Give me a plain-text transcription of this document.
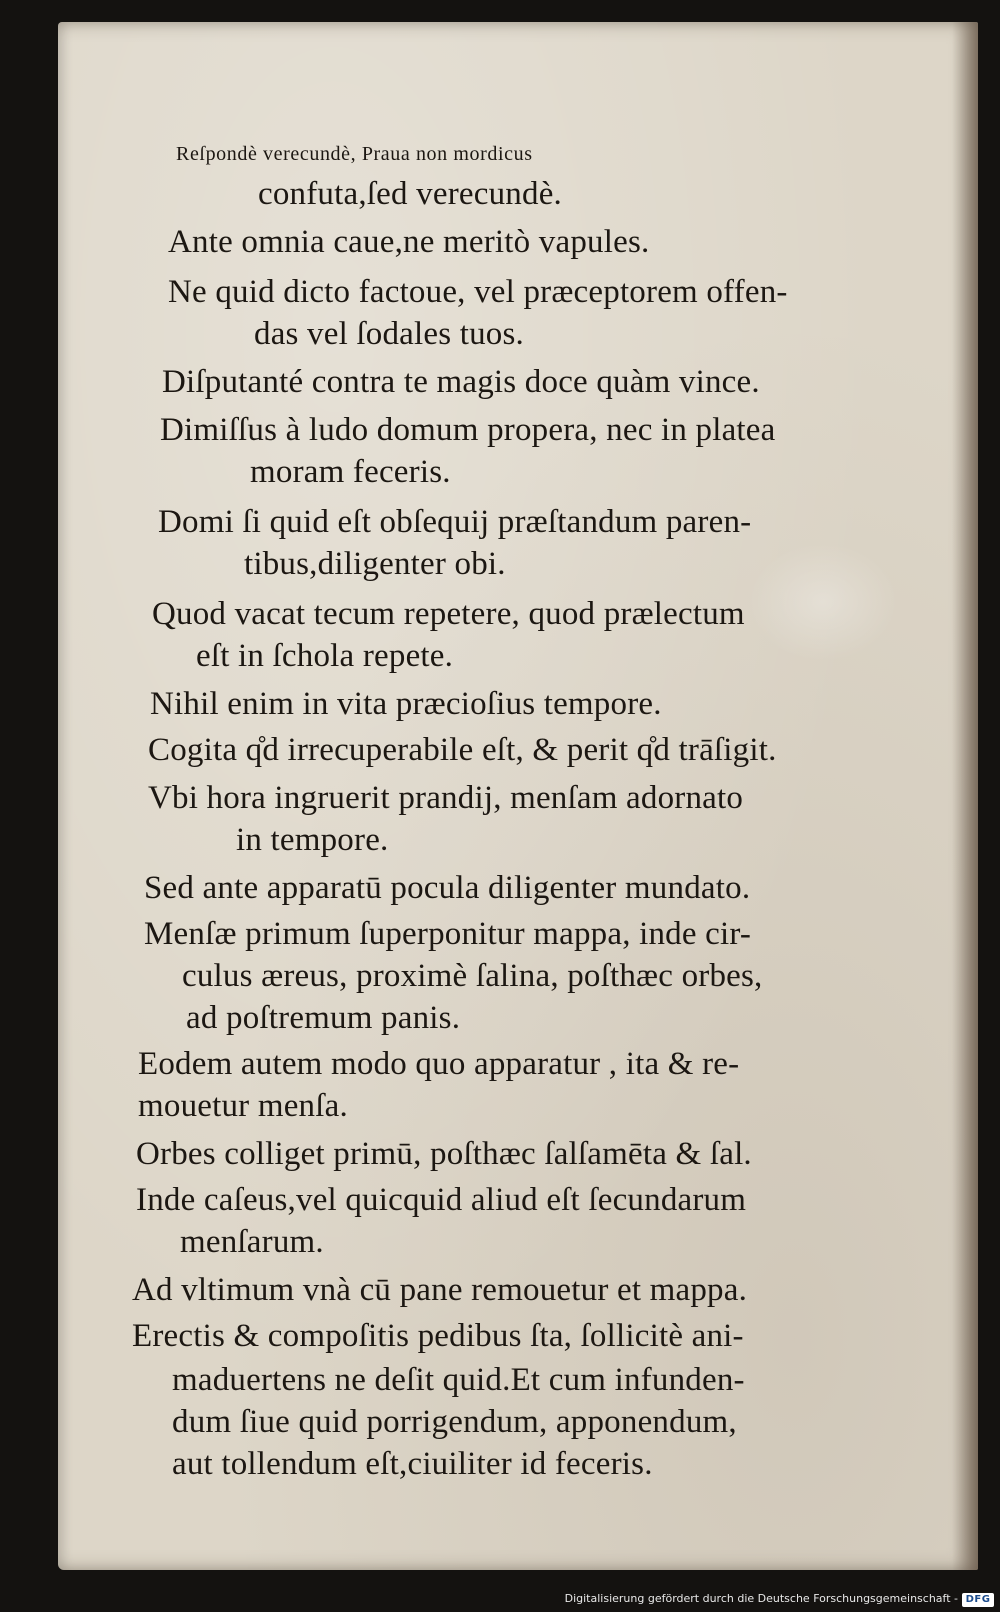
Reſpondè verecundè, Praua non mordicus

confuta,ſed verecundè.

Ante omnia caue,ne meritò vapules.

Ne quid dicto factoue, vel præceptorem offen-

das vel ſodales tuos.

Diſputanté contra te magis doce quàm vince.

Dimiſſus à ludo domum propera, nec in platea

moram feceris.

Domi ſi quid eſt obſequij præſtandum paren-

tibus,diligenter obi.

Quod vacat tecum repetere, quod prælectum

eſt in ſchola repete.

Nihil enim in vita præcioſius tempore.

Cogita q̊d irrecuperabile eſt, & perit q̊d trāſigit.

Vbi hora ingruerit prandij, menſam adornato

in tempore.

Sed ante apparatū pocula diligenter mundato.

Menſæ primum ſuperponitur mappa, inde cir-

culus æreus, proximè ſalina, poſthæc orbes,

ad poſtremum panis.

Eodem autem modo quo apparatur , ita & re-

mouetur menſa.

Orbes colliget primū, poſthæc ſalſamēta & ſal.

Inde caſeus,vel quicquid aliud eſt ſecundarum

menſarum.

Ad vltimum vnà cū pane remouetur et mappa.

Erectis & compoſitis pedibus ſta, ſollicitè ani-

maduertens ne deſit quid.Et cum infunden-

dum ſiue quid porrigendum, apponendum,

aut tollendum eſt,ciuiliter id feceris.

Digitalisierung gefördert durch die Deutsche Forschungsgemeinschaft - DFG
